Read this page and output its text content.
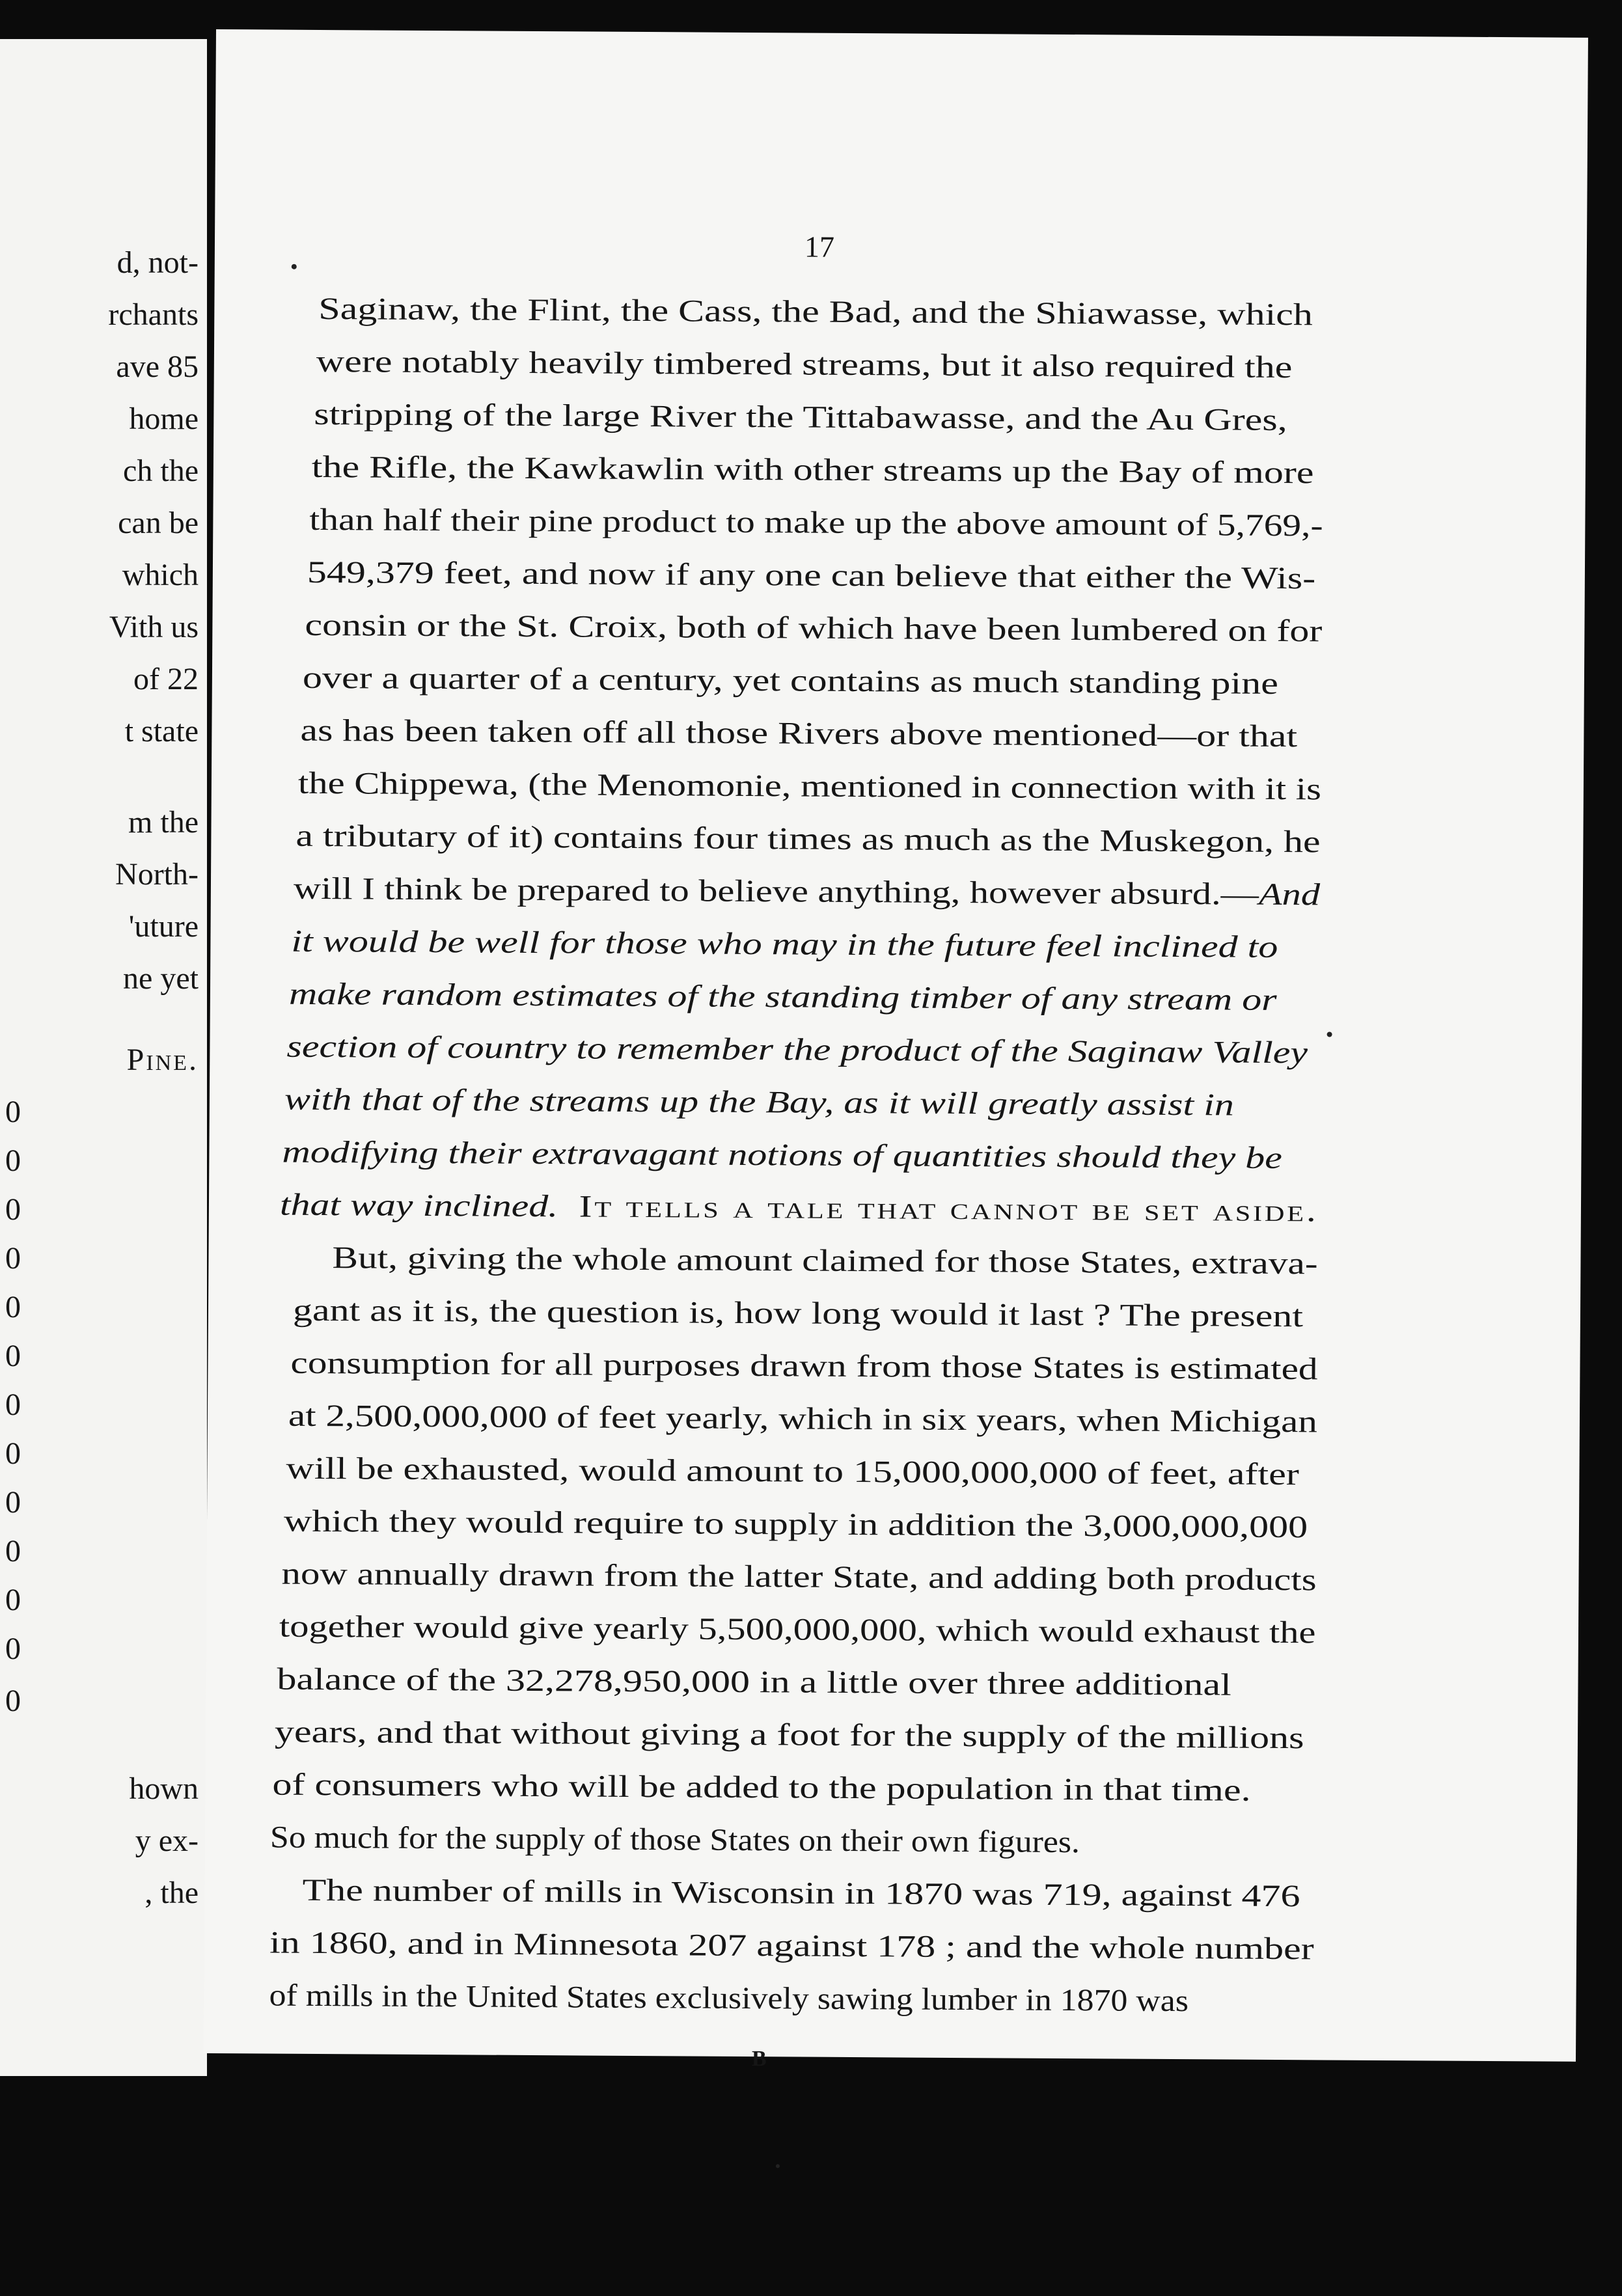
d, not-
rchants
ave 85
home
ch the
can be
which
Vith us
of 22
t state
m the
North-
'uture
ne yet
Pine.
0
0
0
0
0
0
0
0
0
0
0
0
0
hown
y ex-
, the
17
Saginaw, the Flint, the Cass, the Bad, and the Shiawasse, which
were notably heavily timbered streams, but it also required the
stripping of the large River the Tittabawasse, and the Au Gres,
the Rifle, the Kawkawlin with other streams up the Bay of more
than half their pine product to make up the above amount of 5,769,-
549,379 feet, and now if any one can believe that either the Wis-
consin or the St. Croix, both of which have been lumbered on for
over a quarter of a century, yet contains as much standing pine
as has been taken off all those Rivers above mentioned—or that
the Chippewa, (the Menomonie, mentioned in connection with it is
a tributary of it) contains four times as much as the Muskegon, he
will I think be prepared to believe anything, however absurd.—And
it would be well for those who may in the future feel inclined to
make random estimates of the standing timber of any stream or
section of country to remember the product of the Saginaw Valley
with that of the streams up the Bay, as it will greatly assist in
modifying their extravagant notions of quantities should they be
that way inclined. It tells a tale that cannot be set aside.
But, giving the whole amount claimed for those States, extrava-
gant as it is, the question is, how long would it last ? The present
consumption for all purposes drawn from those States is estimated
at 2,500,000,000 of feet yearly, which in six years, when Michigan
will be exhausted, would amount to 15,000,000,000 of feet, after
which they would require to supply in addition the 3,000,000,000
now annually drawn from the latter State, and adding both products
together would give yearly 5,500,000,000, which would exhaust the
balance of the 32,278,950,000 in a little over three additional
years, and that without giving a foot for the supply of the millions
of consumers who will be added to the population in that time.
So much for the supply of those States on their own figures.
The number of mills in Wisconsin in 1870 was 719, against 476
in 1860, and in Minnesota 207 against 178 ; and the whole number
of mills in the United States exclusively sawing lumber in 1870 was
B
